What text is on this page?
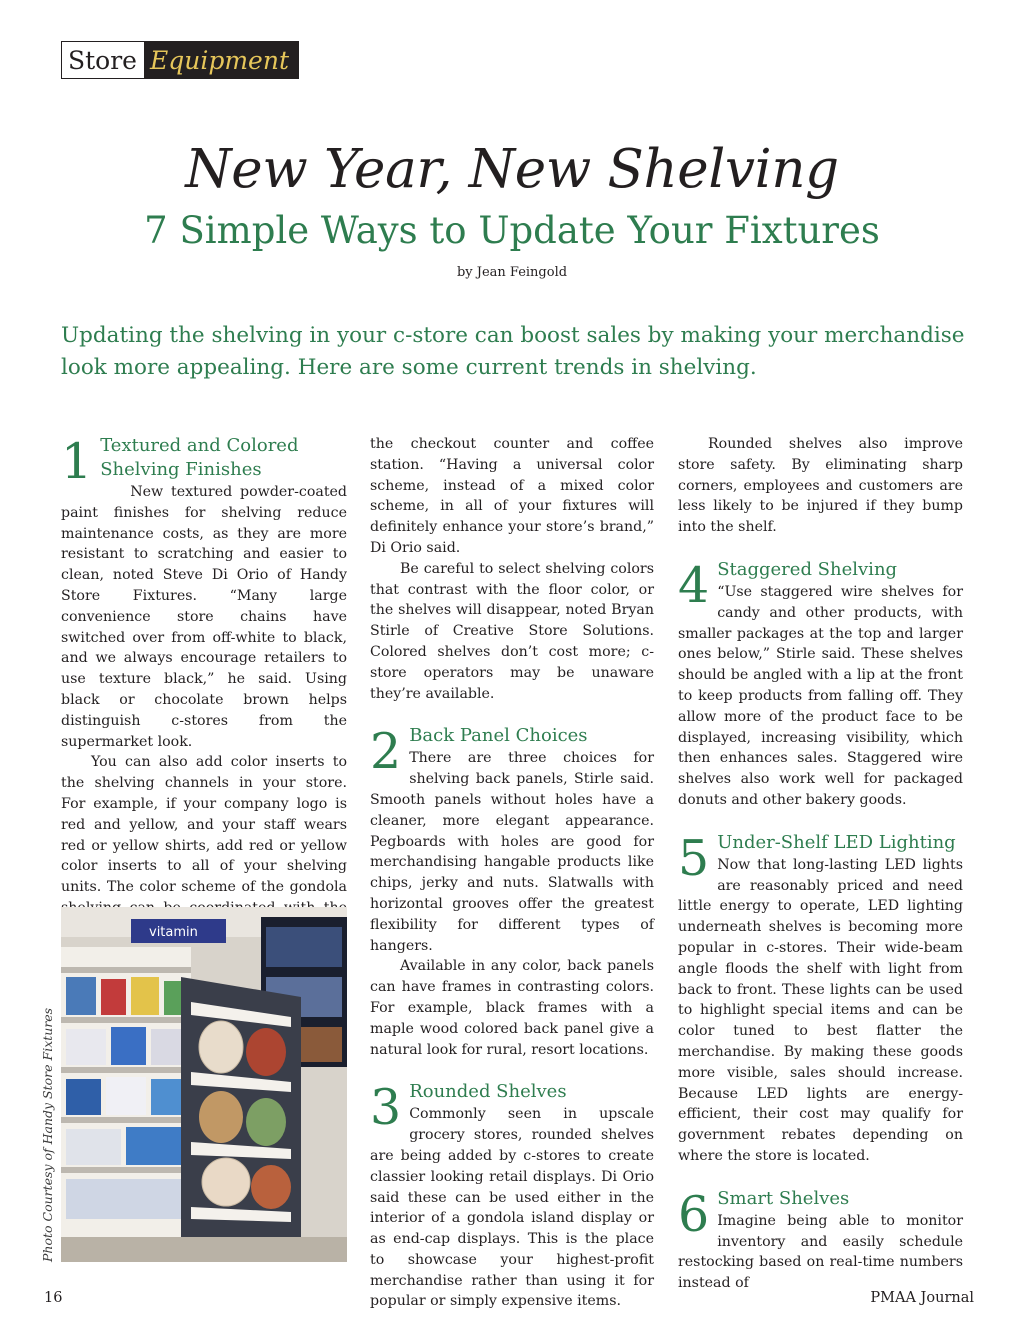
Store Equipment
New Year, New Shelving
7 Simple Ways to Update Your Fixtures
by Jean Feingold

Updating the shelving in your c-store can boost sales by making your merchandise look more appealing. Here are some current trends in shelving.

1 Textured and Colored Shelving Finishes

New textured powder-coated paint finishes for shelving reduce maintenance costs, as they are more resistant to scratching and easier to clean, noted Steve Di Orio of Handy Store Fixtures. “Many large convenience store chains have switched over from off-white to black, and we always encourage retailers to use texture black,” he said. Using black or chocolate brown helps distinguish c-stores from the supermarket look.

You can also add color inserts to the shelving channels in your store. For example, if your company logo is red and yellow, and your staff wears red or yellow shirts, add red or yellow color inserts to all of your shelving units. The color scheme of the gondola

vitamin
Photo Courtesy of Handy Store Fixtures

the checkout counter and coffee station. “Having a universal color scheme, instead of a mixed color scheme, in all of your fixtures will definitely enhance your store’s brand,” Di Orio said.

Be careful to select shelving colors that contrast with the floor color, or the shelves will disappear, noted Bryan Stirle of Creative Store Solutions. Colored shelves don’t cost more; c-store operators may be unaware they’re available.

2 Back Panel Choices

There are three choices for shelving back panels, Stirle said. Smooth panels without holes have a cleaner, more elegant appearance. Pegboards with holes are good for merchandising hangable products like chips, jerky and nuts. Slatwalls with horizontal grooves offer the greatest flexibility for different types of hangers.

Available in any color, back panels can have frames in contrasting colors. For example, black frames with a maple wood colored back panel give a natural look for rural, resort locations.

3 Rounded Shelves

Commonly seen in upscale grocery stores, rounded shelves are being added by c-stores to create classier looking retail displays. Di Orio said these can be used either in the interior of a gondola island display or as end-cap displays. This is the place to showcase your highest-profit merchandise rather than using it for popular or simply expensive items.

Rounded shelves also improve store safety. By eliminating sharp corners, employees and customers are less likely to be injured if they bump into the shelf.

4 Staggered Shelving

“Use staggered wire shelves for candy and other products, with smaller packages at the top and larger ones below,” Stirle said. These shelves should be angled with a lip at the front to keep products from falling off. They allow more of the product face to be displayed, increasing visibility, which then enhances sales. Staggered wire shelves also work well for packaged donuts and other bakery goods.

5 Under-Shelf LED Lighting

Now that long-lasting LED lights are reasonably priced and need little energy to operate, LED lighting underneath shelves is becoming more popular in c-stores. Their wide-beam angle floods the shelf with light from back to front. These lights can be used to highlight special items and can be color tuned to best flatter the merchandise. By making these goods more visible, sales should increase. Because LED lights are energy-efficient, their cost may qualify for government rebates depending on where the store is located.

6 Smart Shelves

Imagine being able to monitor inventory and easily schedule restocking based on real-time numbers instead of

16	PMAA Journal
